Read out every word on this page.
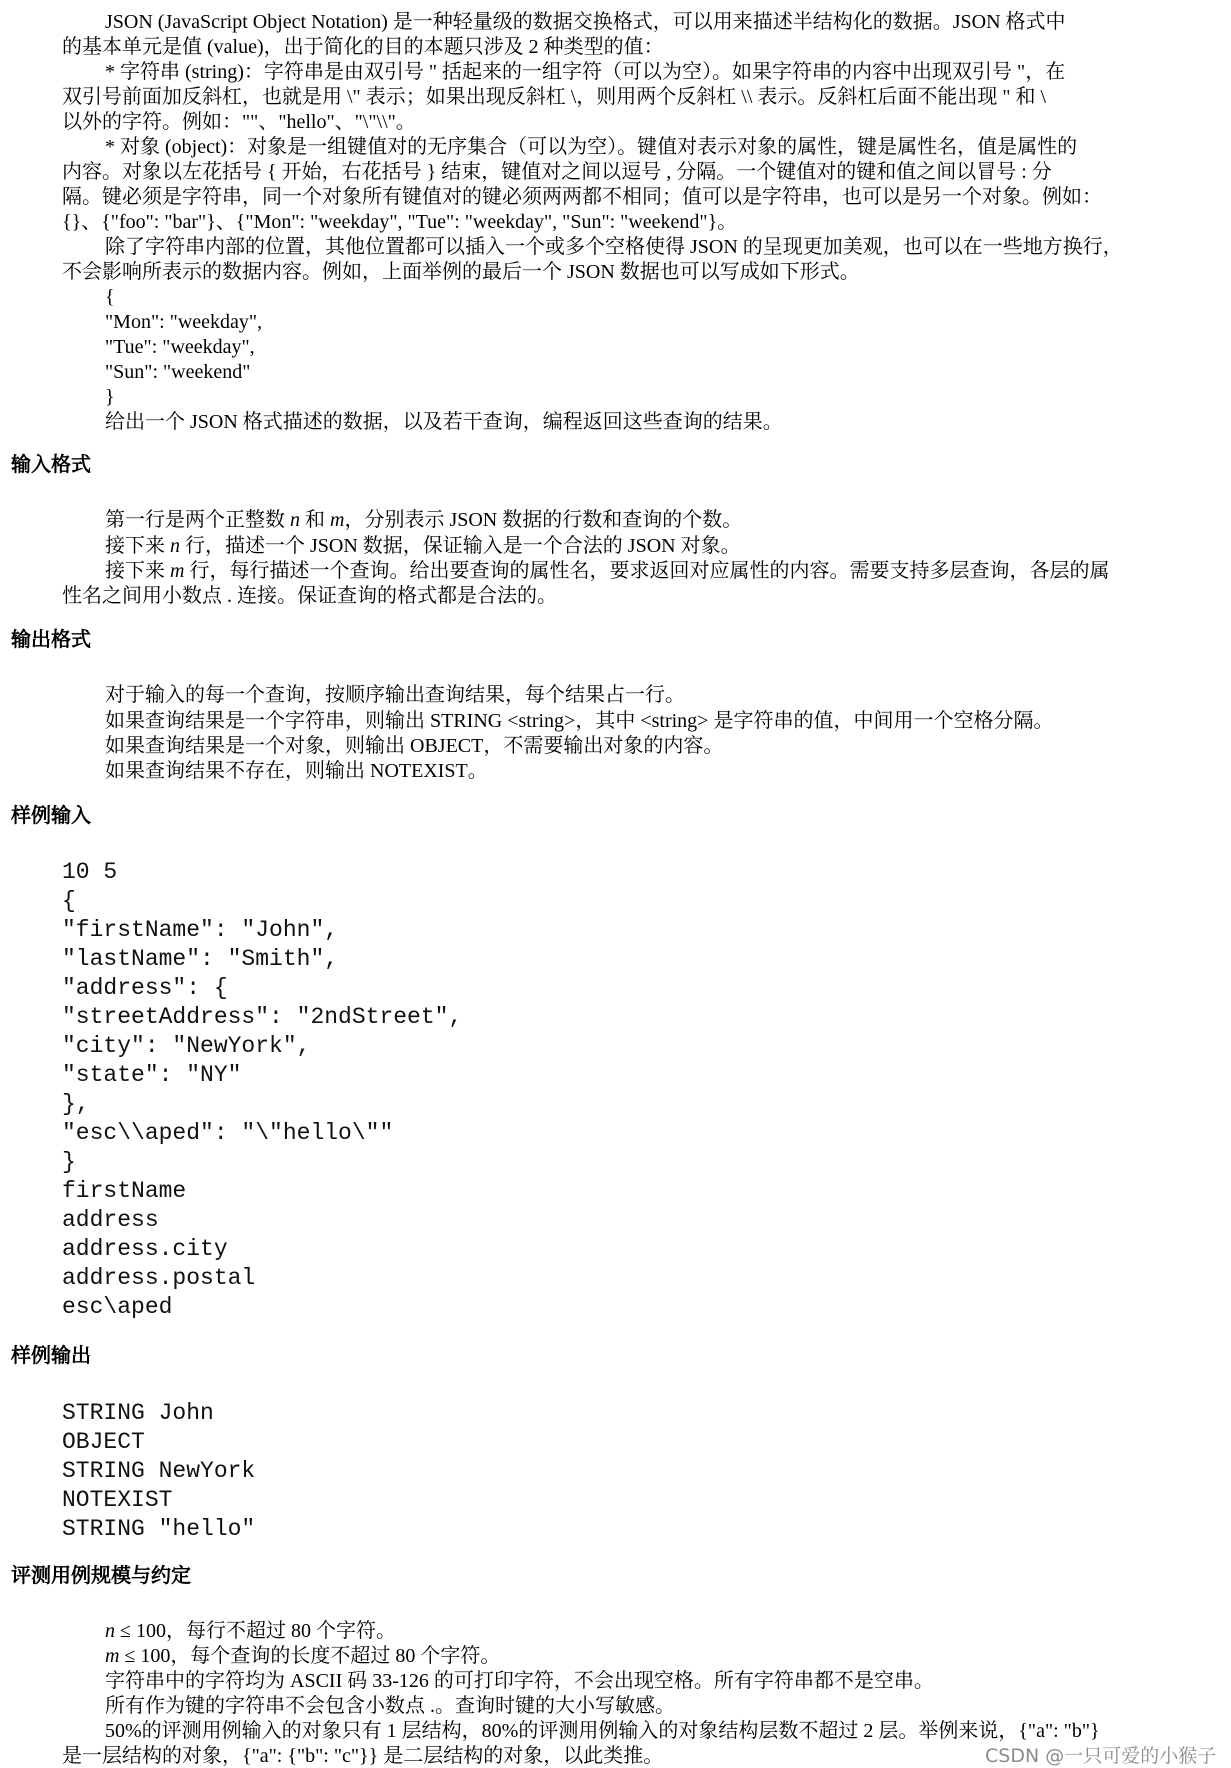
JSON (JavaScript Object Notation) 是一种轻量级的数据交换格式，可以用来描述半结构化的数据。JSON 格式中
的基本单元是值 (value)，出于简化的目的本题只涉及 2 种类型的值：
* 字符串 (string)：字符串是由双引号 " 括起来的一组字符（可以为空）。如果字符串的内容中出现双引号 "，在
双引号前面加反斜杠，也就是用 \" 表示；如果出现反斜杠 \，则用两个反斜杠 \\ 表示。反斜杠后面不能出现 " 和 \
以外的字符。例如：""、"hello"、"\"\\"。
* 对象 (object)：对象是一组键值对的无序集合（可以为空）。键值对表示对象的属性，键是属性名，值是属性的
内容。对象以左花括号 { 开始，右花括号 } 结束，键值对之间以逗号 , 分隔。一个键值对的键和值之间以冒号 : 分
隔。键必须是字符串，同一个对象所有键值对的键必须两两都不相同；值可以是字符串，也可以是另一个对象。例如：
{}、{"foo": "bar"}、{"Mon": "weekday", "Tue": "weekday", "Sun": "weekend"}。
除了字符串内部的位置，其他位置都可以插入一个或多个空格使得 JSON 的呈现更加美观，也可以在一些地方换行，
不会影响所表示的数据内容。例如，上面举例的最后一个 JSON 数据也可以写成如下形式。
{
"Mon": "weekday",
"Tue": "weekday",
"Sun": "weekend"
}
给出一个 JSON 格式描述的数据，以及若干查询，编程返回这些查询的结果。
输入格式
第一行是两个正整数 n 和 m，分别表示 JSON 数据的行数和查询的个数。
接下来 n 行，描述一个 JSON 数据，保证输入是一个合法的 JSON 对象。
接下来 m 行，每行描述一个查询。给出要查询的属性名，要求返回对应属性的内容。需要支持多层查询，各层的属
性名之间用小数点 . 连接。保证查询的格式都是合法的。
输出格式
对于输入的每一个查询，按顺序输出查询结果，每个结果占一行。
如果查询结果是一个字符串，则输出 STRING <string>，其中 <string> 是字符串的值，中间用一个空格分隔。
如果查询结果是一个对象，则输出 OBJECT，不需要输出对象的内容。
如果查询结果不存在，则输出 NOTEXIST。
样例输入
10 5
{
"firstName": "John",
"lastName": "Smith",
"address": {
"streetAddress": "2ndStreet",
"city": "NewYork",
"state": "NY"
},
"esc\\aped": "\"hello\""
}
firstName
address
address.city
address.postal
esc\aped
样例输出
STRING John
OBJECT
STRING NewYork
NOTEXIST
STRING "hello"
评测用例规模与约定
n ≤ 100，每行不超过 80 个字符。
m ≤ 100，每个查询的长度不超过 80 个字符。
字符串中的字符均为 ASCII 码 33-126 的可打印字符，不会出现空格。所有字符串都不是空串。
所有作为键的字符串不会包含小数点 .。查询时键的大小写敏感。
50%的评测用例输入的对象只有 1 层结构，80%的评测用例输入的对象结构层数不超过 2 层。举例来说，{"a": "b"}
是一层结构的对象，{"a": {"b": "c"}} 是二层结构的对象，以此类推。	CSDN @一只可爱的小猴子
